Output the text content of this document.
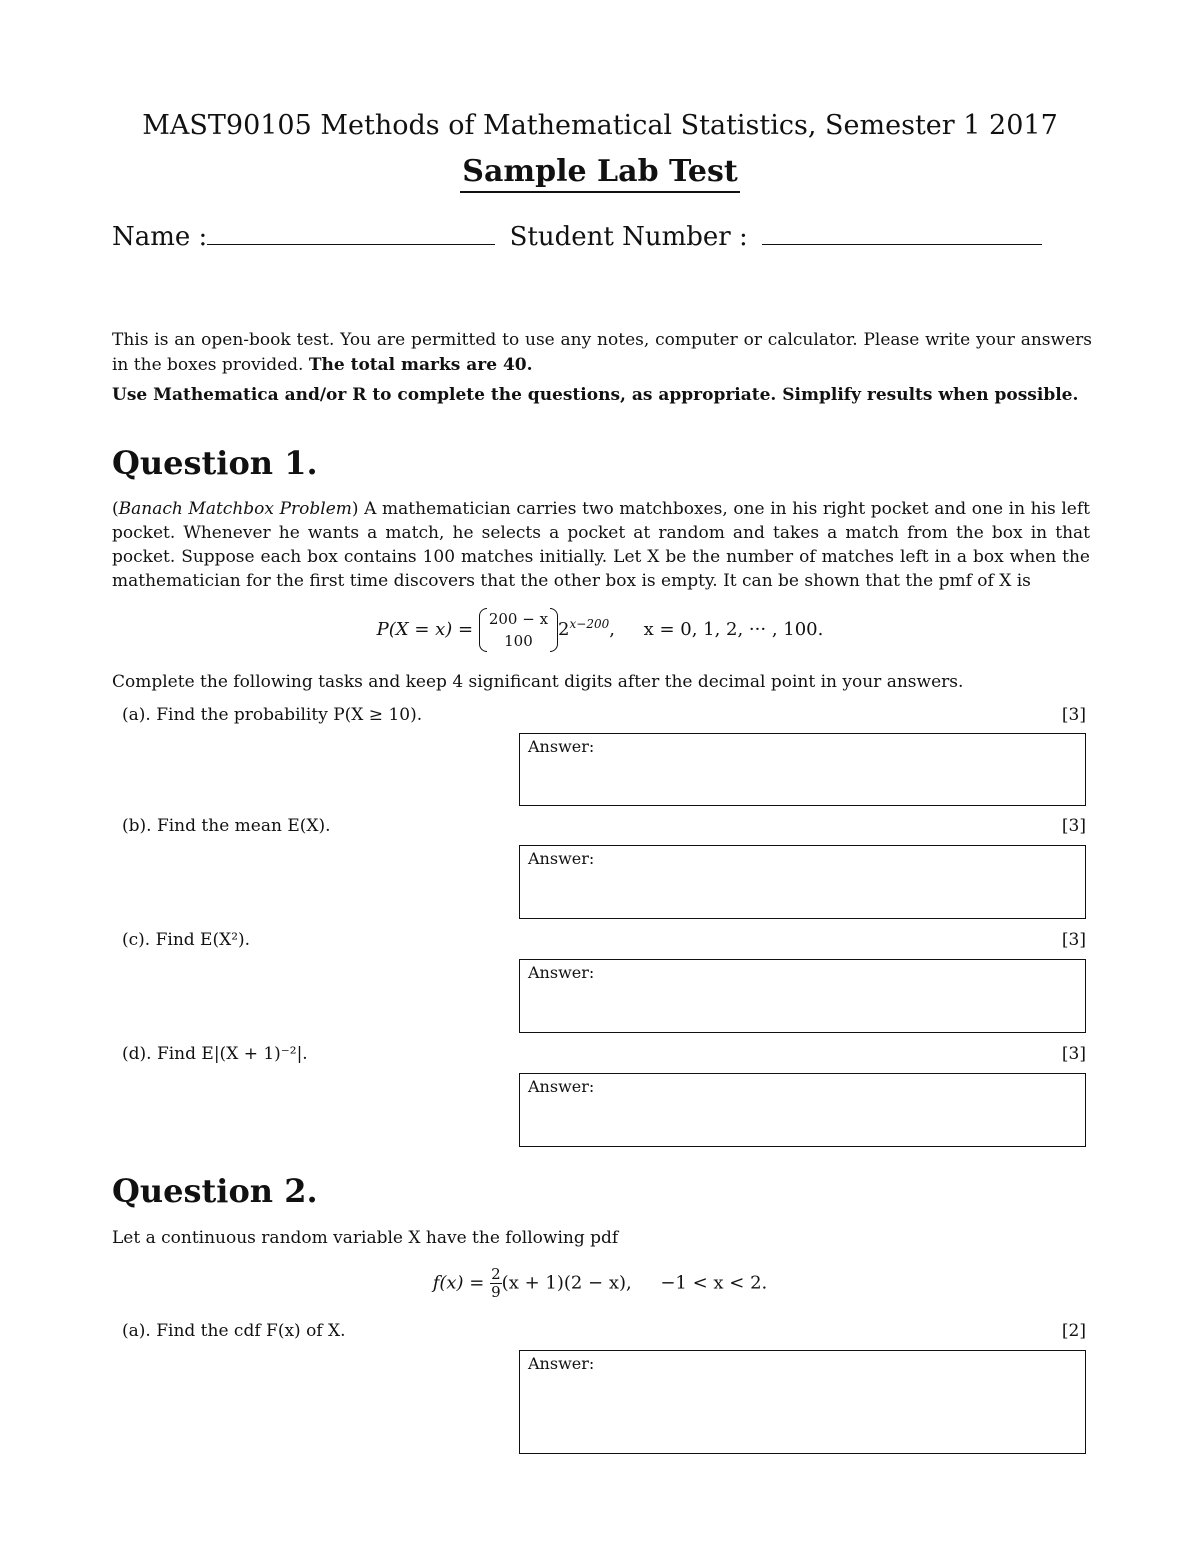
MAST90105 Methods of Mathematical Statistics, Semester 1 2017
Sample Lab Test
Name :	Student Number :
This is an open-book test. You are permitted to use any notes, computer or calculator. Please write your answers in the boxes provided. The total marks are 40.
Use Mathematica and/or R to complete the questions, as appropriate. Simplify results when possible.
Question 1.
(Banach Matchbox Problem) A mathematician carries two matchboxes, one in his right pocket and one in his left pocket. Whenever he wants a match, he selects a pocket at random and takes a match from the box in that pocket. Suppose each box contains 100 matches initially. Let X be the number of matches left in a box when the mathematician for the first time discovers that the other box is empty. It can be shown that the pmf of X is
P(X = x) = 200 − x
100
$2^{x-200}$,     x = 0, 1, 2, ··· , 100.
Complete the following tasks and keep 4 significant digits after the decimal point in your answers.
(a). Find the probability P(X ≥ 10).	[3]
Answer:
(b). Find the mean E(X).	[3]
Answer:
(c). Find E(X²).	[3]
Answer:
(d). Find E|(X + 1)⁻²|.	[3]
Answer:
Question 2.
Let a continuous random variable X have the following pdf
$f(x) = \frac{2}{9} (x + 1)(2 - x)$,     −1 < x < 2.
(a). Find the cdf F(x) of X.	[2]
Answer:
